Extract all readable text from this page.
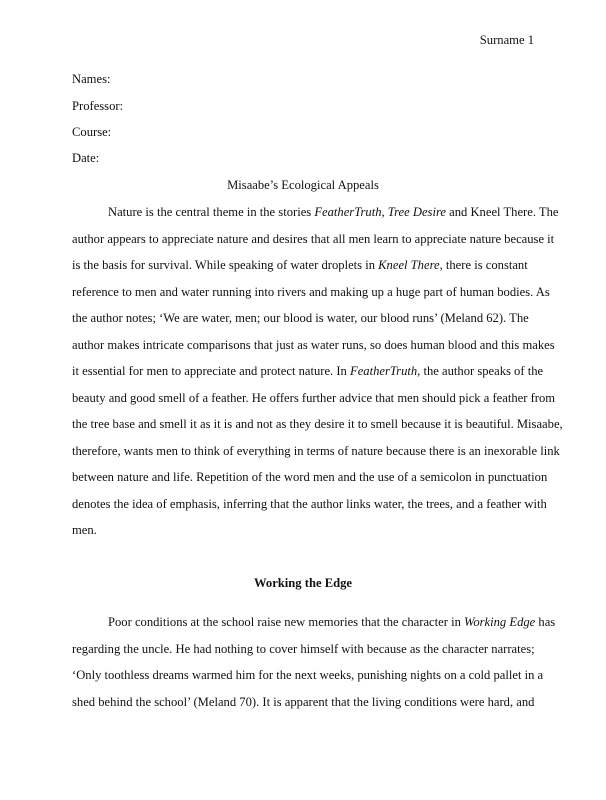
Surname 1
Names:
Professor:
Course:
Date:
Misaabe’s Ecological Appeals
Nature is the central theme in the stories FeatherTruth, Tree Desire and Kneel There. The
author appears to appreciate nature and desires that all men learn to appreciate nature because it
is the basis for survival. While speaking of water droplets in Kneel There, there is constant
reference to men and water running into rivers and making up a huge part of human bodies. As
the author notes; ‘We are water, men; our blood is water, our blood runs’ (Meland 62). The
author makes intricate comparisons that just as water runs, so does human blood and this makes
it essential for men to appreciate and protect nature. In FeatherTruth, the author speaks of the
beauty and good smell of a feather. He offers further advice that men should pick a feather from
the tree base and smell it as it is and not as they desire it to smell because it is beautiful. Misaabe,
therefore, wants men to think of everything in terms of nature because there is an inexorable link
between nature and life. Repetition of the word men and the use of a semicolon in punctuation
denotes the idea of emphasis, inferring that the author links water, the trees, and a feather with
men.
Working the Edge
Poor conditions at the school raise new memories that the character in Working Edge has
regarding the uncle. He had nothing to cover himself with because as the character narrates;
‘Only toothless dreams warmed him for the next weeks, punishing nights on a cold pallet in a
shed behind the school’ (Meland 70). It is apparent that the living conditions were hard, and
